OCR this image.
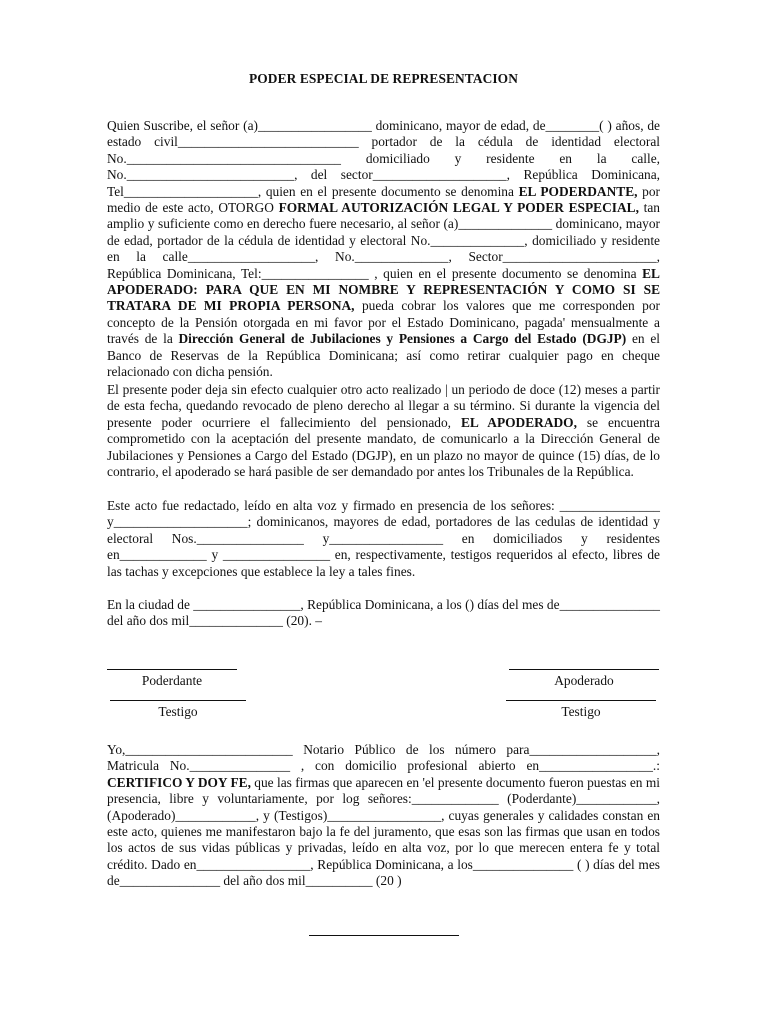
PODER ESPECIAL DE REPRESENTACION

Quien Suscribe, el señor (a)_________________ dominicano, mayor de edad, de________( ) años, de estado civil___________________________ portador de la cédula de identidad electoral No.________________________________ domiciliado y residente en la calle, No._________________________, del sector____________________, República Dominicana, Tel____________________, quien en el presente documento se denomina EL PODERDANTE, por medio de este acto, OTORGO FORMAL AUTORIZACIÓN LEGAL Y PODER ESPECIAL, tan amplio y suficiente como en derecho fuere necesario, al señor (a)______________ dominicano, mayor de edad, portador de la cédula de identidad y electoral No.______________, domiciliado y residente en la calle___________________, No.______________, Sector_______________________, República Dominicana, Tel:________________ , quien en el presente documento se denomina EL APODERADO: PARA QUE EN MI NOMBRE Y REPRESENTACIÓN Y COMO SI SE TRATARA DE MI PROPIA PERSONA, pueda cobrar los valores que me corresponden por concepto de la Pensión otorgada en mi favor por el Estado Dominicano, pagada' mensualmente a través de la Dirección General de Jubilaciones y Pensiones a Cargo del Estado (DGJP) en el Banco de Reservas de la República Dominicana; así como retirar cualquier pago en cheque relacionado con dicha pensión.

El presente poder deja sin efecto cualquier otro acto realizado | un periodo de doce (12) meses a partir de esta fecha, quedando revocado de pleno derecho al llegar a su término. Si durante la vigencia del presente poder ocurriere el fallecimiento del pensionado, EL APODERADO, se encuentra comprometido con la aceptación del presente mandato, de comunicarlo a la Dirección General de Jubilaciones y Pensiones a Cargo del Estado (DGJP), en un plazo no mayor de quince (15) días, de lo contrario, el apoderado se hará pasible de ser demandado por antes los Tribunales de la República.

Este acto fue redactado, leído en alta voz y firmado en presencia de los señores: _______________ y____________________; dominicanos, mayores de edad, portadores de las cedulas de identidad y electoral Nos.________________ y_________________ en domiciliados y residentes en_____________ y ________________ en, respectivamente, testigos requeridos al efecto, libres de las tachas y excepciones que establece la ley a tales fines.

En la ciudad de ________________, República Dominicana, a los () días del mes de_______________ del año dos mil______________ (20). –

Yo,_________________________ Notario Público de los número para___________________, Matricula No._______________ , con domicilio profesional abierto en_________________.: CERTIFICO Y DOY FE, que las firmas que aparecen en 'el presente documento fueron puestas en mi presencia, libre y voluntariamente, por log señores:_____________ (Poderdante)____________, (Apoderado)____________, y (Testigos)_________________, cuyas generales y calidades constan en este acto, quienes me manifestaron bajo la fe del juramento, que esas son las firmas que usan en todos los actos de sus vidas públicas y privadas, leído en alta voz, por lo que merecen entera fe y total crédito. Dado en_________________, República Dominicana, a los_______________ ( ) días del mes de_______________ del año dos mil__________ (20 )

Poderdante	Apoderado
Testigo	Testigo
